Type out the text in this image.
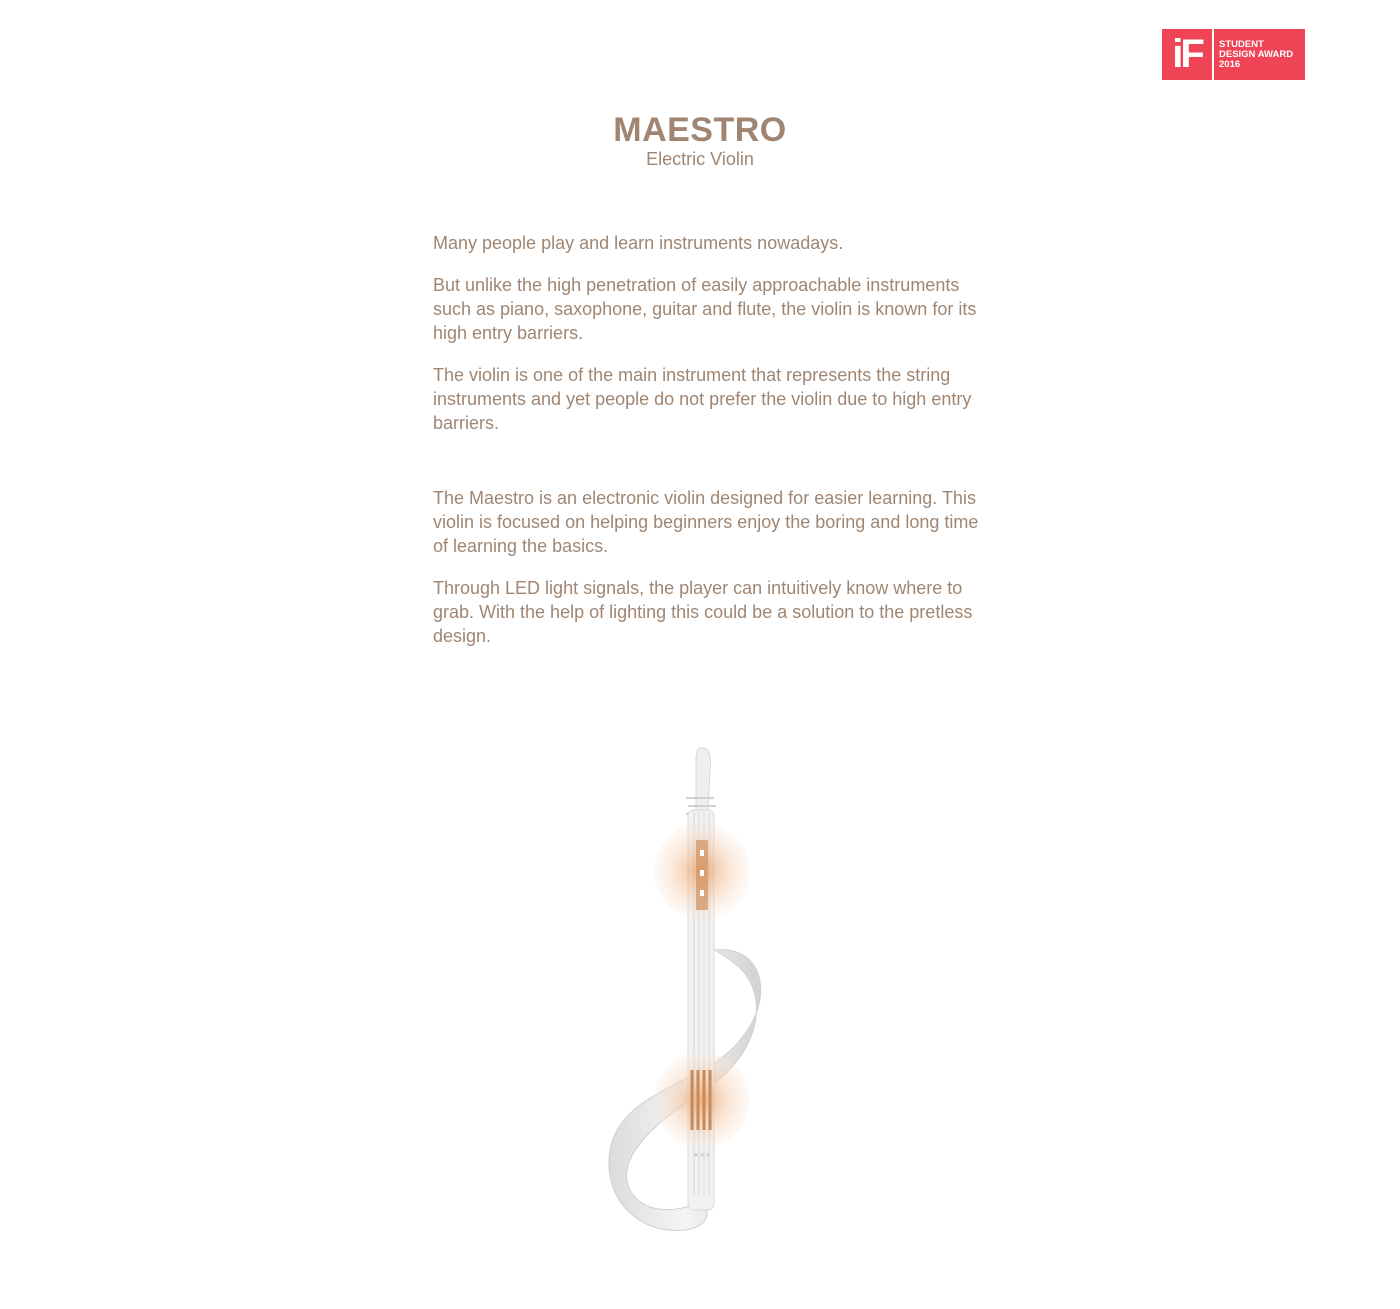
iF	STUDENT
DESIGN AWARD
2016
MAESTRO

Electric Violin

Many people play and learn instruments nowadays.

But unlike the high penetration of easily approachable instruments such as piano, saxophone, guitar and flute, the violin is known for its high entry barriers.

The violin is one of the main instrument that represents the string instruments and yet people do not prefer the violin due to high entry barriers.

The Maestro is an electronic violin designed for easier learning. This violin is focused on helping beginners enjoy the boring and long time of learning the basics.

Through LED light signals, the player can intuitively know where to grab. With the help of lighting this could be a solution to the pretless design.
